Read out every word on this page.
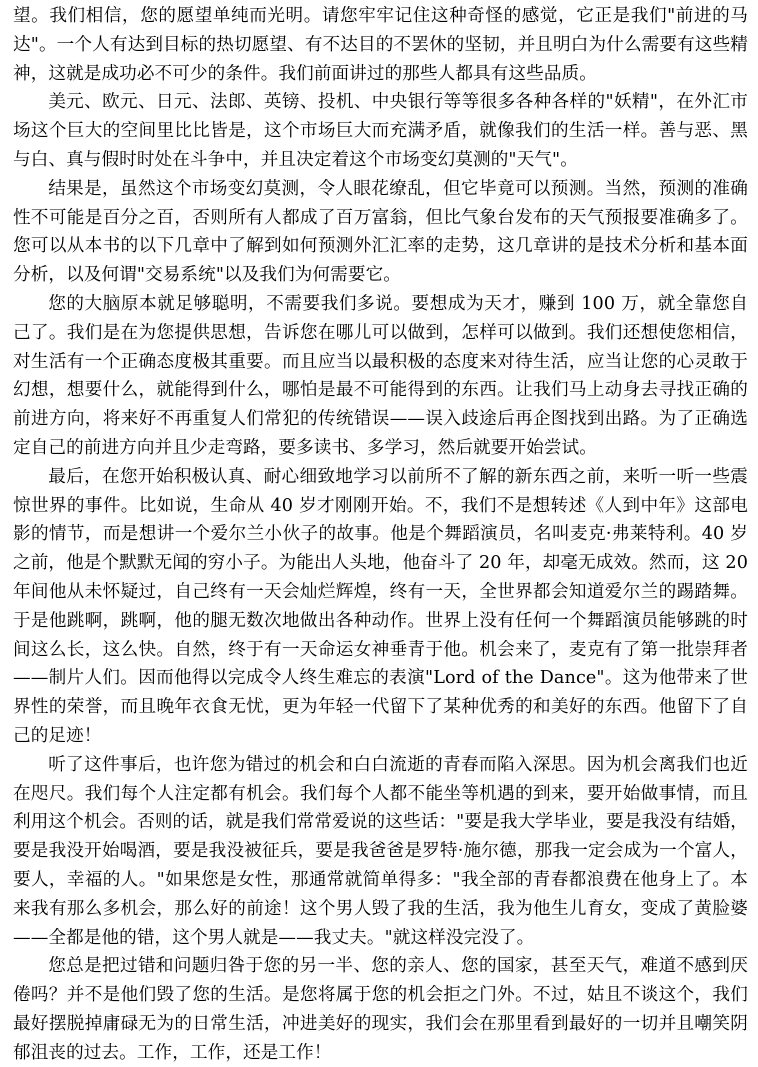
望。我们相信，您的愿望单纯而光明。请您牢牢记住这种奇怪的感觉，它正是我们"前进的马达"。一个人有达到目标的热切愿望、有不达目的不罢休的坚韧，并且明白为什么需要有这些精神，这就是成功必不可少的条件。我们前面讲过的那些人都具有这些品质。

美元、欧元、日元、法郎、英镑、投机、中央银行等等很多各种各样的"妖精"，在外汇市场这个巨大的空间里比比皆是，这个市场巨大而充满矛盾，就像我们的生活一样。善与恶、黑与白、真与假时时处在斗争中，并且决定着这个市场变幻莫测的"天气"。

结果是，虽然这个市场变幻莫测，令人眼花缭乱，但它毕竟可以预测。当然，预测的准确性不可能是百分之百，否则所有人都成了百万富翁，但比气象台发布的天气预报要准确多了。您可以从本书的以下几章中了解到如何预测外汇汇率的走势，这几章讲的是技术分析和基本面分析，以及何谓"交易系统"以及我们为何需要它。

您的大脑原本就足够聪明，不需要我们多说。要想成为天才，赚到 100 万，就全靠您自己了。我们是在为您提供思想，告诉您在哪儿可以做到，怎样可以做到。我们还想使您相信，对生活有一个正确态度极其重要。而且应当以最积极的态度来对待生活，应当让您的心灵敢于幻想，想要什么，就能得到什么，哪怕是最不可能得到的东西。让我们马上动身去寻找正确的前进方向，将来好不再重复人们常犯的传统错误——误入歧途后再企图找到出路。为了正确选定自己的前进方向并且少走弯路，要多读书、多学习，然后就要开始尝试。

最后，在您开始积极认真、耐心细致地学习以前所不了解的新东西之前，来听一听一些震惊世界的事件。比如说，生命从 40 岁才刚刚开始。不，我们不是想转述《人到中年》这部电影的情节，而是想讲一个爱尔兰小伙子的故事。他是个舞蹈演员，名叫麦克·弗莱特利。40 岁之前，他是个默默无闻的穷小子。为能出人头地，他奋斗了 20 年，却毫无成效。然而，这 20 年间他从未怀疑过，自己终有一天会灿烂辉煌，终有一天，全世界都会知道爱尔兰的踢踏舞。于是他跳啊，跳啊，他的腿无数次地做出各种动作。世界上没有任何一个舞蹈演员能够跳的时间这么长，这么快。自然，终于有一天命运女神垂青于他。机会来了，麦克有了第一批崇拜者——制片人们。因而他得以完成令人终生难忘的表演"Lord of the Dance"。这为他带来了世界性的荣誉，而且晚年衣食无忧，更为年轻一代留下了某种优秀的和美好的东西。他留下了自己的足迹！

听了这件事后，也许您为错过的机会和白白流逝的青春而陷入深思。因为机会离我们也近在咫尺。我们每个人注定都有机会。我们每个人都不能坐等机遇的到来，要开始做事情，而且利用这个机会。否则的话，就是我们常常爱说的这些话："要是我大学毕业，要是我没有结婚，要是我没开始喝酒，要是我没被征兵，要是我爸爸是罗特·施尔德，那我一定会成为一个富人，要人，幸福的人。"如果您是女性，那通常就简单得多："我全部的青春都浪费在他身上了。本来我有那么多机会，那么好的前途！这个男人毁了我的生活，我为他生儿育女，变成了黄脸婆——全都是他的错，这个男人就是——我丈夫。"就这样没完没了。

您总是把过错和问题归咎于您的另一半、您的亲人、您的国家，甚至天气，难道不感到厌倦吗？并不是他们毁了您的生活。是您将属于您的机会拒之门外。不过，姑且不谈这个，我们最好摆脱掉庸碌无为的日常生活，冲进美好的现实，我们会在那里看到最好的一切并且嘲笑阴郁沮丧的过去。工作，工作，还是工作！
